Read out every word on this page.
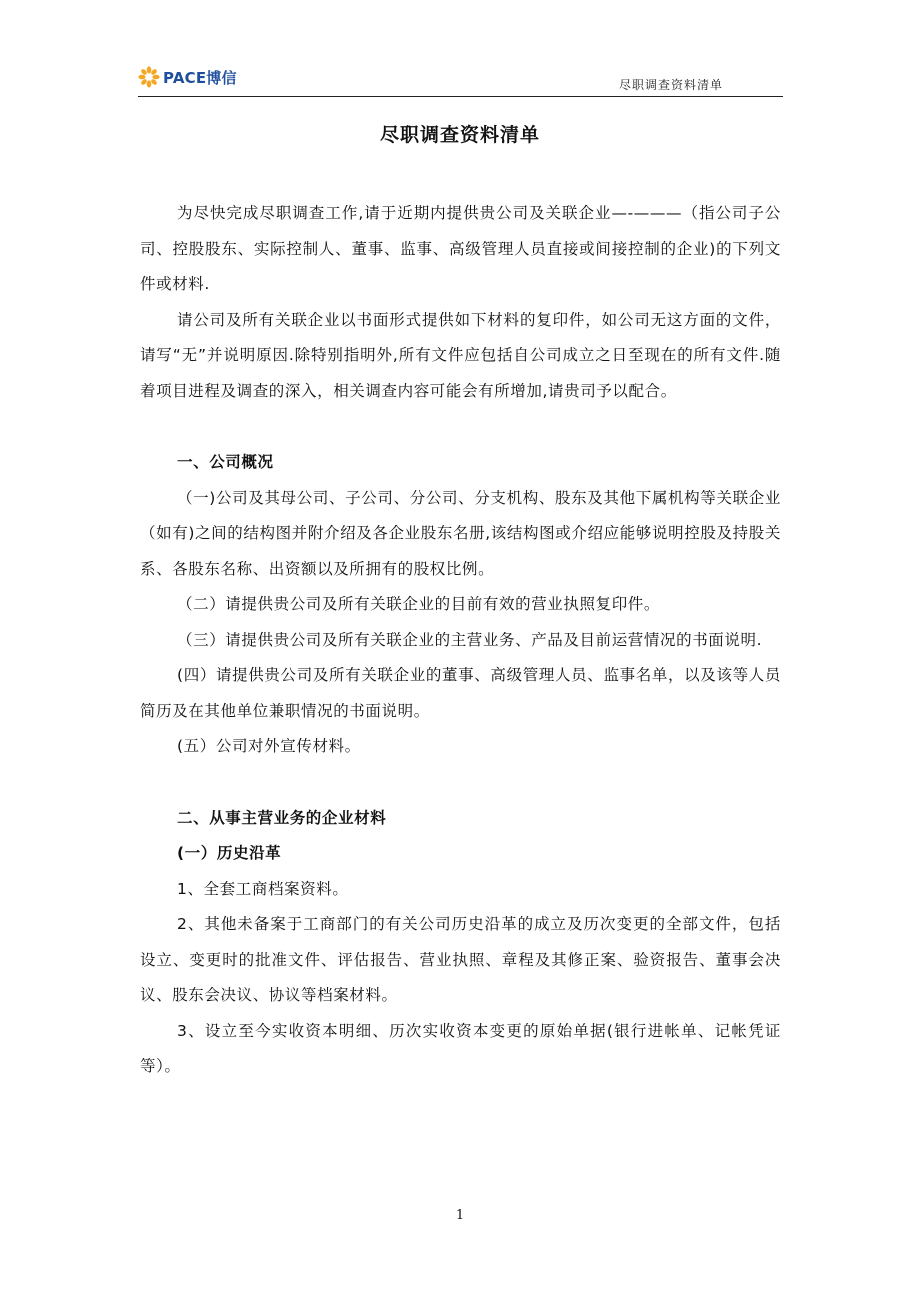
PACE博信	尽职调查资料清单
尽职调查资料清单

为尽快完成尽职调查工作,请于近期内提供贵公司及关联企业—-———（指公司子公司、控股股东、实际控制人、董事、监事、高级管理人员直接或间接控制的企业)的下列文件或材料.

请公司及所有关联企业以书面形式提供如下材料的复印件，如公司无这方面的文件，请写“无”并说明原因.除特别指明外,所有文件应包括自公司成立之日至现在的所有文件.随着项目进程及调查的深入，相关调查内容可能会有所增加,请贵司予以配合。

一、公司概况

（一)公司及其母公司、子公司、分公司、分支机构、股东及其他下属机构等关联企业（如有)之间的结构图并附介绍及各企业股东名册,该结构图或介绍应能够说明控股及持股关系、各股东名称、出资额以及所拥有的股权比例。

（二）请提供贵公司及所有关联企业的目前有效的营业执照复印件。

（三）请提供贵公司及所有关联企业的主营业务、产品及目前运营情况的书面说明.

(四）请提供贵公司及所有关联企业的董事、高级管理人员、监事名单，以及该等人员简历及在其他单位兼职情况的书面说明。

(五）公司对外宣传材料。

二、从事主营业务的企业材料

(一）历史沿革

1、全套工商档案资料。

2、其他未备案于工商部门的有关公司历史沿革的成立及历次变更的全部文件，包括设立、变更时的批准文件、评估报告、营业执照、章程及其修正案、验资报告、董事会决议、股东会决议、协议等档案材料。

3、设立至今实收资本明细、历次实收资本变更的原始单据(银行进帐单、记帐凭证等）。

1
